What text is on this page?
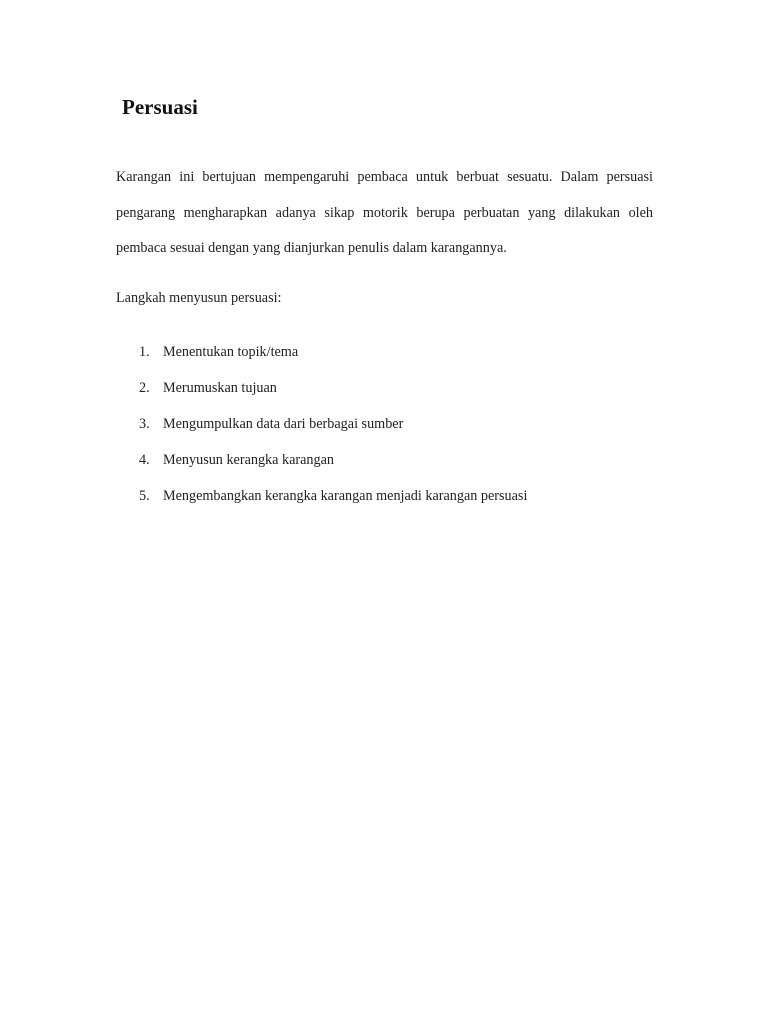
Persuasi

Karangan ini bertujuan mempengaruhi pembaca untuk berbuat sesuatu. Dalam persuasi pengarang mengharapkan adanya sikap motorik berupa perbuatan yang dilakukan oleh pembaca sesuai dengan yang dianjurkan penulis dalam karangannya.

Langkah menyusun persuasi:

1. Menentukan topik/tema
2. Merumuskan tujuan
3. Mengumpulkan data dari berbagai sumber
4. Menyusun kerangka karangan
5. Mengembangkan kerangka karangan menjadi karangan persuasi
